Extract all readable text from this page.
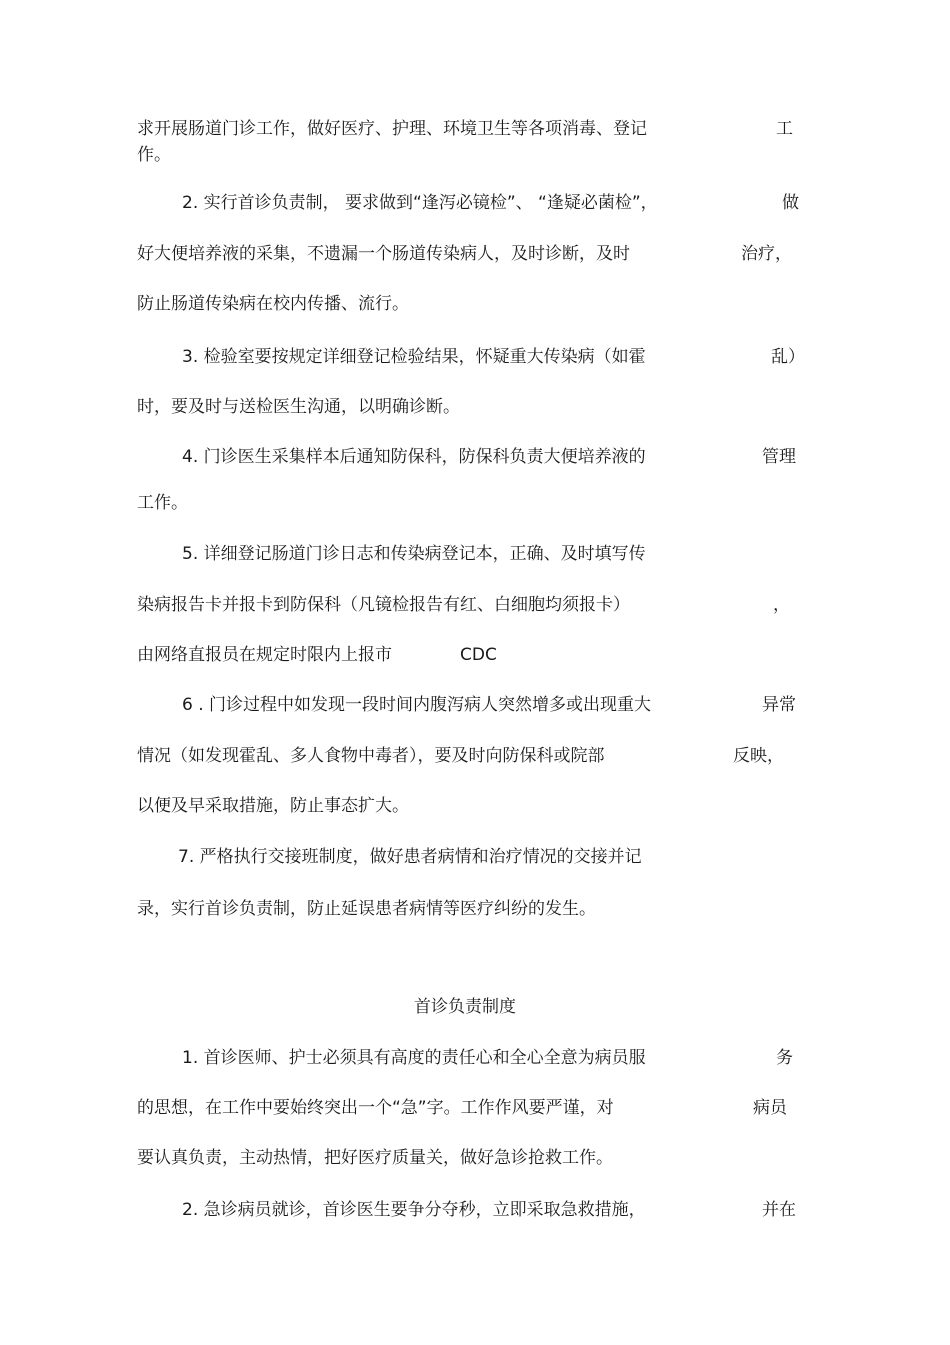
求开展肠道门诊工作，做好医疗、护理、环境卫生等各项消毒、登记	工
作。
2. 实行首诊负责制， 要求做到“逢泻必镜检”、 “逢疑必菌检”，	做
好大便培养液的采集，不遗漏一个肠道传染病人，及时诊断，及时	治疗，
防止肠道传染病在校内传播、流行。
3. 检验室要按规定详细登记检验结果，怀疑重大传染病（如霍	乱）
时，要及时与送检医生沟通，以明确诊断。
4. 门诊医生采集样本后通知防保科，防保科负责大便培养液的	管理
工作。
5. 详细登记肠道门诊日志和传染病登记本，正确、及时填写传
染病报告卡并报卡到防保科（凡镜检报告有红、白细胞均须报卡）	，
由网络直报员在规定时限内上报市	CDC
6 . 门诊过程中如发现一段时间内腹泻病人突然增多或出现重大	异常
情况（如发现霍乱、多人食物中毒者），要及时向防保科或院部	反映，
以便及早采取措施，防止事态扩大。
7. 严格执行交接班制度，做好患者病情和治疗情况的交接并记
录，实行首诊负责制，防止延误患者病情等医疗纠纷的发生。
首诊负责制度
1. 首诊医师、护士必须具有高度的责任心和全心全意为病员服	务
的思想，在工作中要始终突出一个“急”字。工作作风要严谨，对	病员
要认真负责，主动热情，把好医疗质量关，做好急诊抢救工作。
2. 急诊病员就诊，首诊医生要争分夺秒，立即采取急救措施，	并在
